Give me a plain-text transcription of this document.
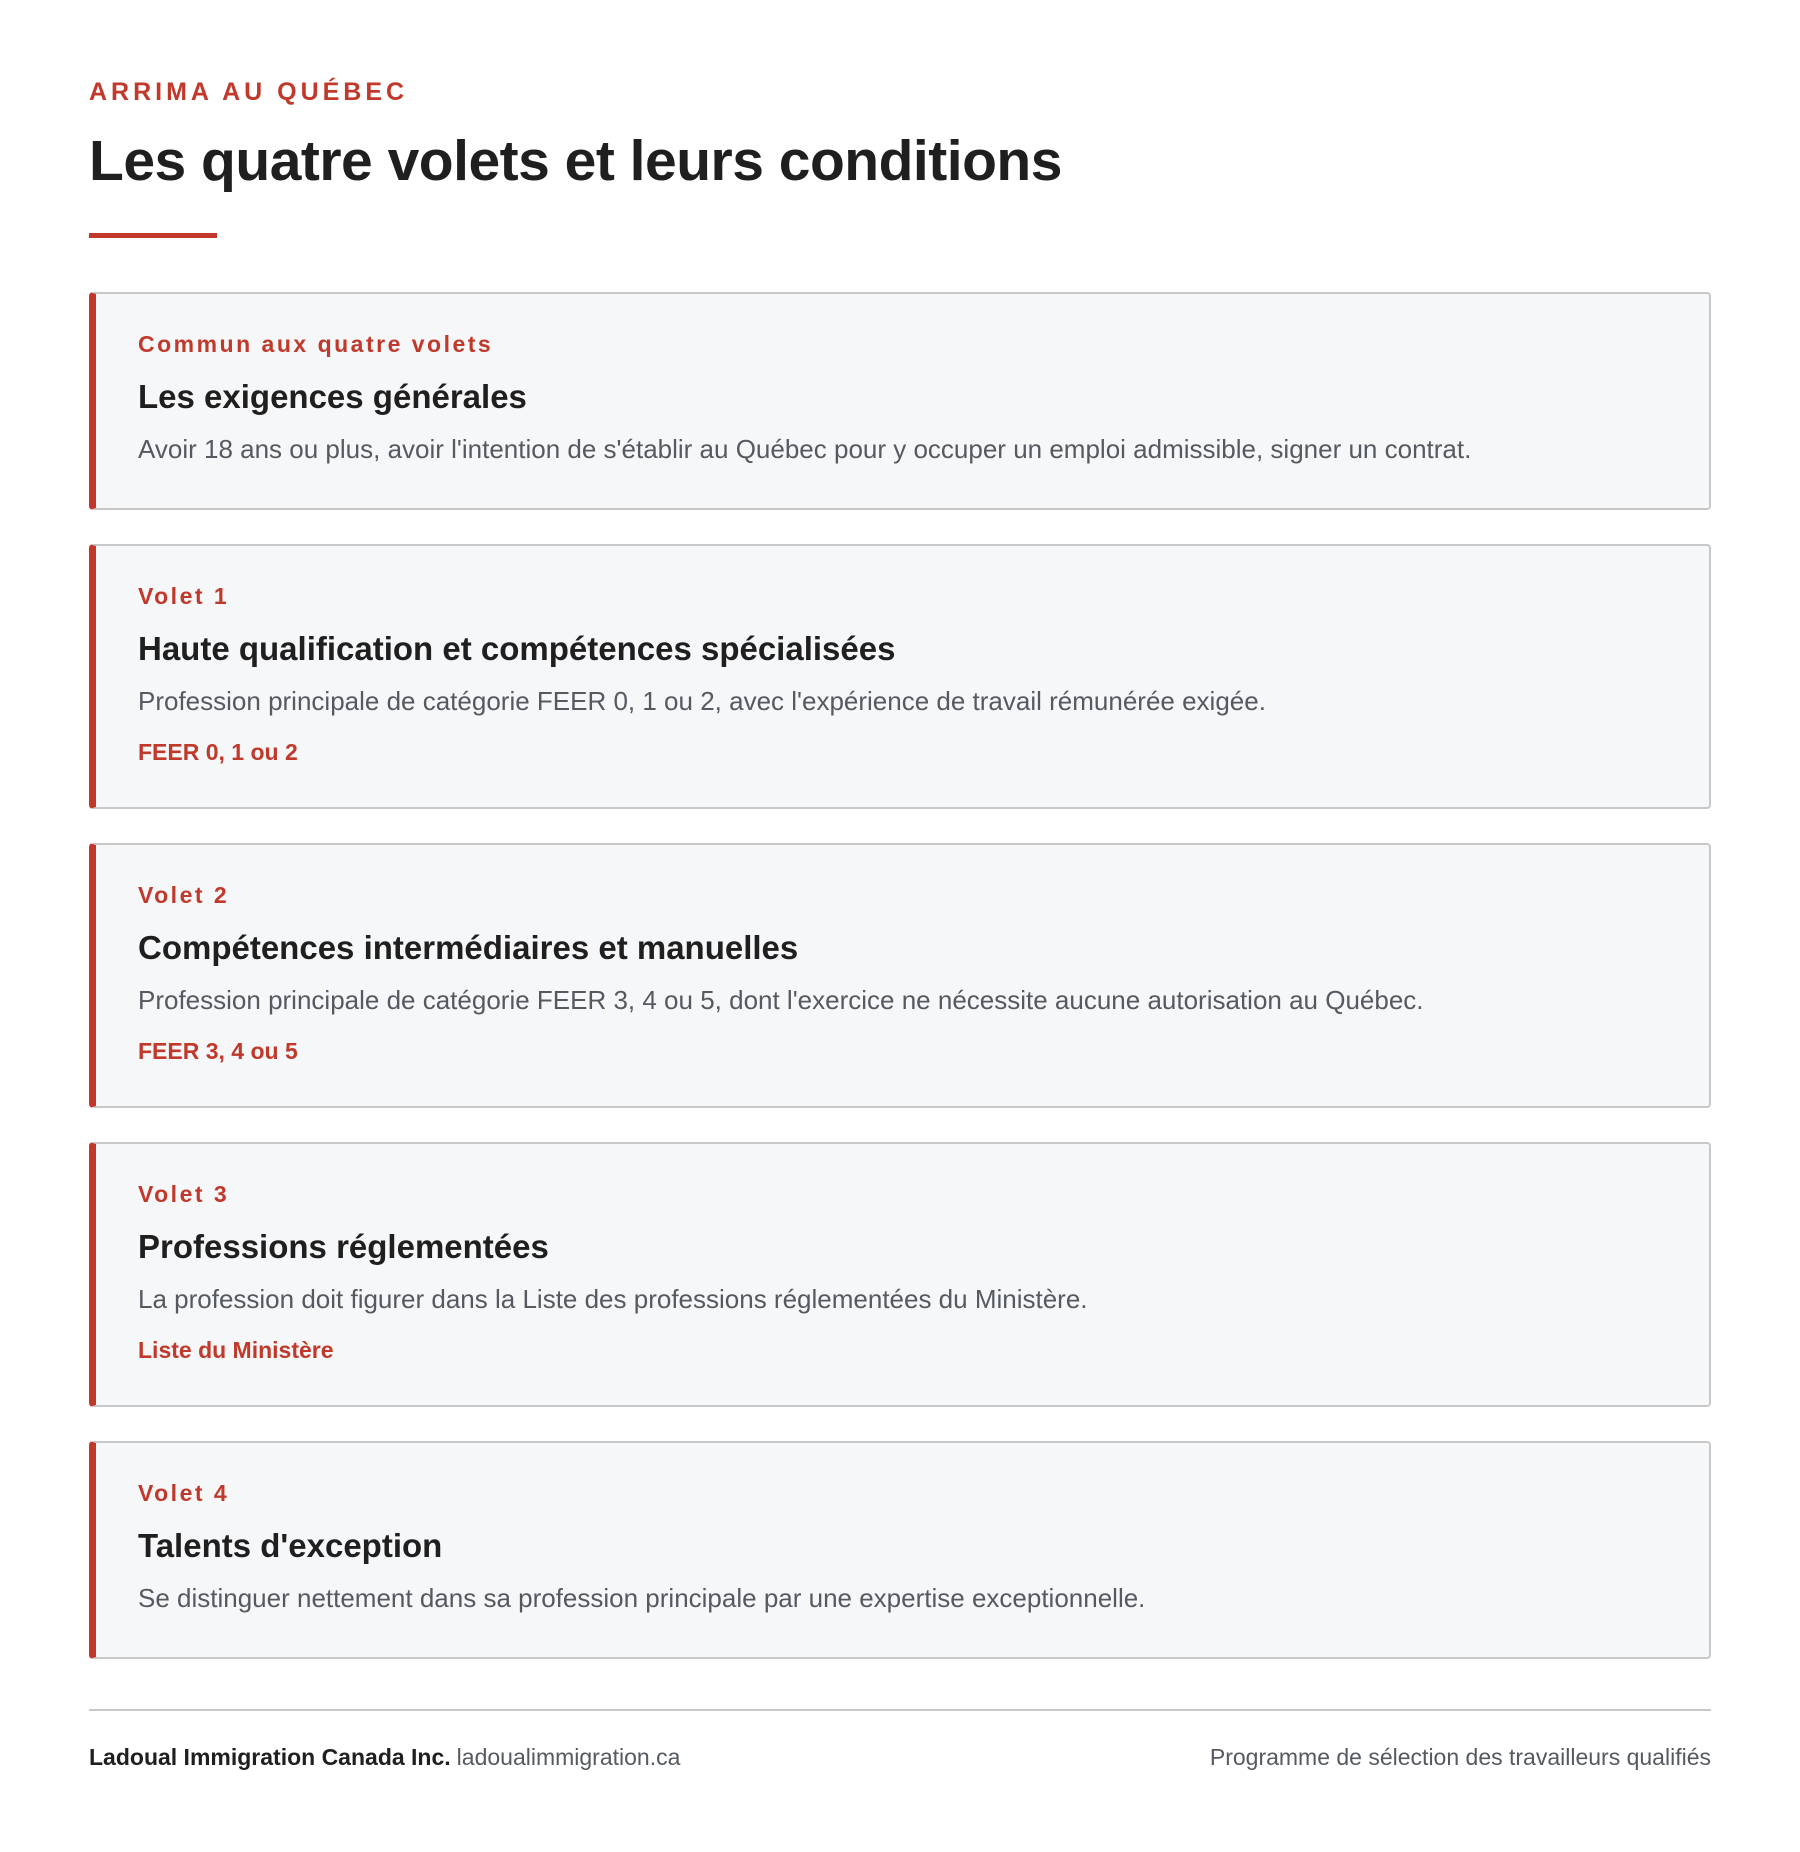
ARRIMA AU QUÉBEC
Les quatre volets et leurs conditions
Commun aux quatre volets
Les exigences générales
Avoir 18 ans ou plus, avoir l'intention de s'établir au Québec pour y occuper un emploi admissible, signer un contrat.
Volet 1
Haute qualification et compétences spécialisées
Profession principale de catégorie FEER 0, 1 ou 2, avec l'expérience de travail rémunérée exigée.
FEER 0, 1 ou 2
Volet 2
Compétences intermédiaires et manuelles
Profession principale de catégorie FEER 3, 4 ou 5, dont l'exercice ne nécessite aucune autorisation au Québec.
FEER 3, 4 ou 5
Volet 3
Professions réglementées
La profession doit figurer dans la Liste des professions réglementées du Ministère.
Liste du Ministère
Volet 4
Talents d'exception
Se distinguer nettement dans sa profession principale par une expertise exceptionnelle.
Ladoual Immigration Canada Inc. ladoualimmigration.ca	Programme de sélection des travailleurs qualifiés
